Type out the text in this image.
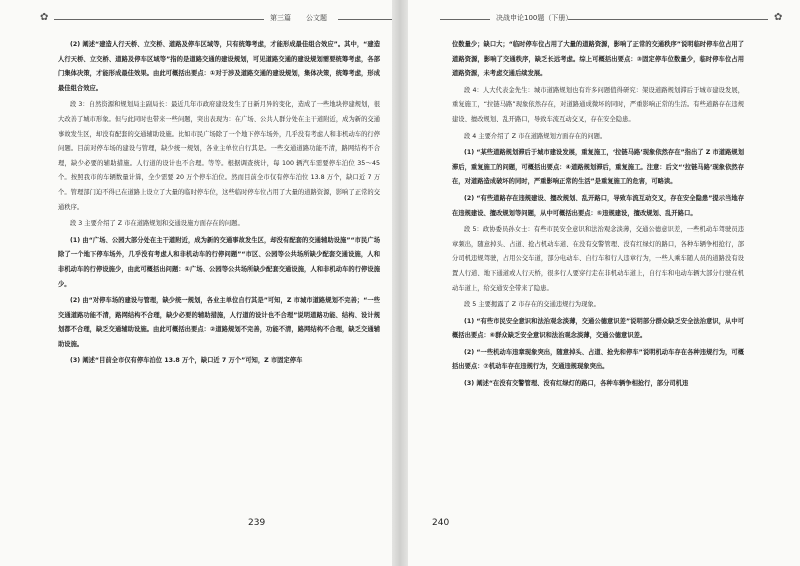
✿	第三篇 公文题

(2) 阐述“建造人行天桥、立交桥、道路及停车区域等，只有统筹考虑，才能形成最佳组合效应”。其中，“建造人行天桥、立交桥、道路及停车区域等”指的是道路交通的建设规划，可见道路交通的建设规划需要统筹考虑，各部门集体决策，才能形成最佳效果。由此可概括出要点：①对于涉及道路交通的建设规划，集体决策，统筹考虑，形成最佳组合效应。

段 3：自然资源和规划局主副局长：最近几年市政府建设发生了日新月异的变化，造成了一些地块停建规划，很大改善了城市形象。但与此同时也带来一些问题，突出表现为：在广场、公共人群分处在主干道附近，成为新的交通事故发生区，却没有配套的交通辅助设施。比如市民广场除了一个地下停车场外，几乎没有考虑人和非机动车的行停问题。目前对停车场的建设与管理，缺少统一规划，各业主单位自行其是。一些交通道路功能不清，路网结构不合理，缺少必要的辅助措施。人行道的设计也不合理。等等。根据调查统计，每 100 辆汽车需要停车泊位 35～45 个。按照我市的车辆数量计算，全少需要 20 万个停车泊位。然而目前全市仅有停车泊位 13.8 万个，缺口近 7 万个。管理部门迫不得已在道路上设立了大量的临时停车位，这些临时停车位占用了大量的道路资源，影响了正常的交通秩序。

段 3 主要介绍了 Z 市在道路规划和交通设施方面存在的问题。

(1) 由“广场、公园大部分处在主干道附近，成为新的交通事故发生区，却没有配套的交通辅助设施”“市民广场除了一个地下停车场外，几乎没有考虑人和非机动车的行停问题”“市区、公园等公共场所缺少配套交通设施，人和非机动车的行停设施少，由此可概括出问题：①广场、公园等公共场所缺少配套交通设施，人和非机动车的行停设施少。

(2) 由“对停车场的建设与管理，缺少统一规划，各业主单位自行其是”可知，Z 市城市道路规划不完善；“一些交通道路功能不清，路网结构不合理，缺少必要的辅助措施，人行道的设计也不合理”说明道路功能、结构、设计规划都不合理，缺乏交通辅助设施。由此可概括出要点：②道路规划不完善，功能不清，路网结构不合理，缺乏交通辅助设施。

(3) 阐述“目前全市仅有停车泊位 13.8 万个，缺口近 7 万个”可知，Z 市固定停车

239
决战申论100题（下册）	✿

位数量少；缺口大；“临时停车位占用了大量的道路资源，影响了正常的交通秩序”说明临时停车位占用了道路资源，影响了交通秩序，缺乏长远考虑。综上可概括出要点：③固定停车位数量少，临时停车位占用道路资源，未考虑交通后续发展。

段 4：人大代表金先生：城市道路规划也有许多问题值得研究：架设道路规划滞后于城市建设发展，重复施工，“拉链马路”现象依然存在，对道路通成微坏的同时，严重影响正常的生活。有些道路存在违规建设、擅改规划、乱开路口，导致车流互动交叉，存在安全隐患。

段 4 主要介绍了 Z 市在道路规划方面存在的问题。

(1) “某些道路规划滞后于城市建设发展，重复施工，‘拉链马路’现象依然存在”指出了 Z 市道路规划滞后，重复施工的问题，可概括出要点：④道路规划滞后，重复施工。注意：后文“‘拉链马路’现象依然存在，对道路造成破坏的同时，严重影响正常的生活”是重复施工的危害，可略读。

(2) “有些道路存在违规建设、擅改规划、乱开路口，导致车流互动交叉，存在安全隐患”提示当地存在违规建设、擅改规划等问题，从中可概括出要点：⑤违规建设，擅改规划、乱开路口。

段 5：政协委员孙女士：有些市民安全意识和法治观念淡薄，交通公德意识差，一些机动车驾驶员违章频出，随意掉头、占道、抢占机动车道、在没有交警管理、没有红绿灯的路口，各种车辆争相抢行，部分司机违规驾驶，占用公交车道，部分电动车、自行车和行人违章行为，一些人乘车随人员的道路没有设置人行道、地下通道或人行天桥，很多行人要穿行走在非机动车道上，自行车和电动车辆大部分行驶在机动车道上，给交通安全带来了隐患。

段 5 主要揭露了 Z 市存在的交通违规行为现象。

(1) “有些市民安全意识和法治观念淡薄，交通公德意识差”说明部分群众缺乏安全法治意识，从中可概括出要点：⑥群众缺乏安全意识和法治观念淡薄，交通公德意识差。

(2) “一些机动车违章现象突出，随意掉头、占道、抢先和停车”说明机动车存在各种违规行为，可概括出要点：⑦机动车存在违规行为，交通违规现象突出。

(3) 阐述“在没有交警管理、没有红绿灯的路口，各种车辆争相抢行，部分司机违

240
